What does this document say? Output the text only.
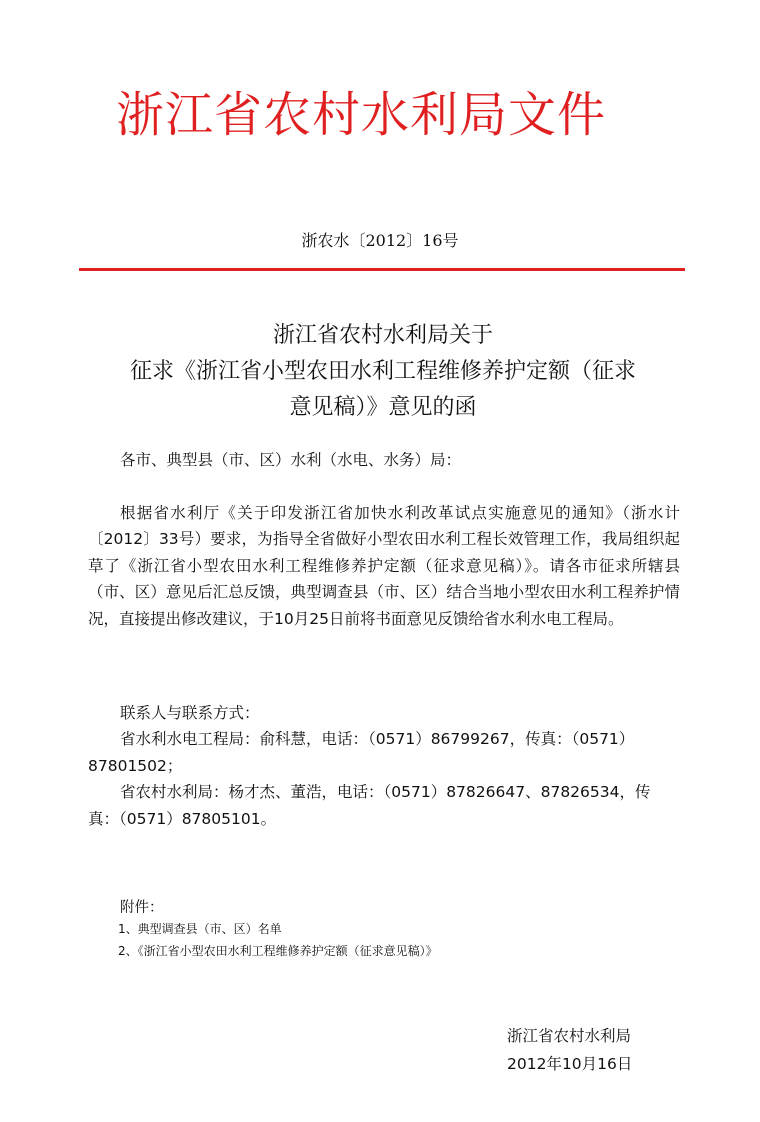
浙江省农村水利局文件
浙农水〔2012〕16号
浙江省农村水利局关于
征求《浙江省小型农田水利工程维修养护定额（征求
意见稿）》意见的函
各市、典型县（市、区）水利（水电、水务）局：
根据省水利厅《关于印发浙江省加快水利改革试点实施意见的通知》（浙水计〔2012〕33号）要求，为指导全省做好小型农田水利工程长效管理工作，我局组织起草了《浙江省小型农田水利工程维修养护定额（征求意见稿）》。请各市征求所辖县（市、区）意见后汇总反馈，典型调查县（市、区）结合当地小型农田水利工程养护情况，直接提出修改建议，于10月25日前将书面意见反馈给省水利水电工程局。
联系人与联系方式：
省水利水电工程局：俞科慧，电话：（0571）86799267，传真：（0571）87801502；
省农村水利局：杨才杰、董浩，电话：（0571）87826647、87826534，传真：（0571）87805101。
附件：
1、典型调查县（市、区）名单
2、《浙江省小型农田水利工程维修养护定额（征求意见稿）》
浙江省农村水利局
2012年10月16日
